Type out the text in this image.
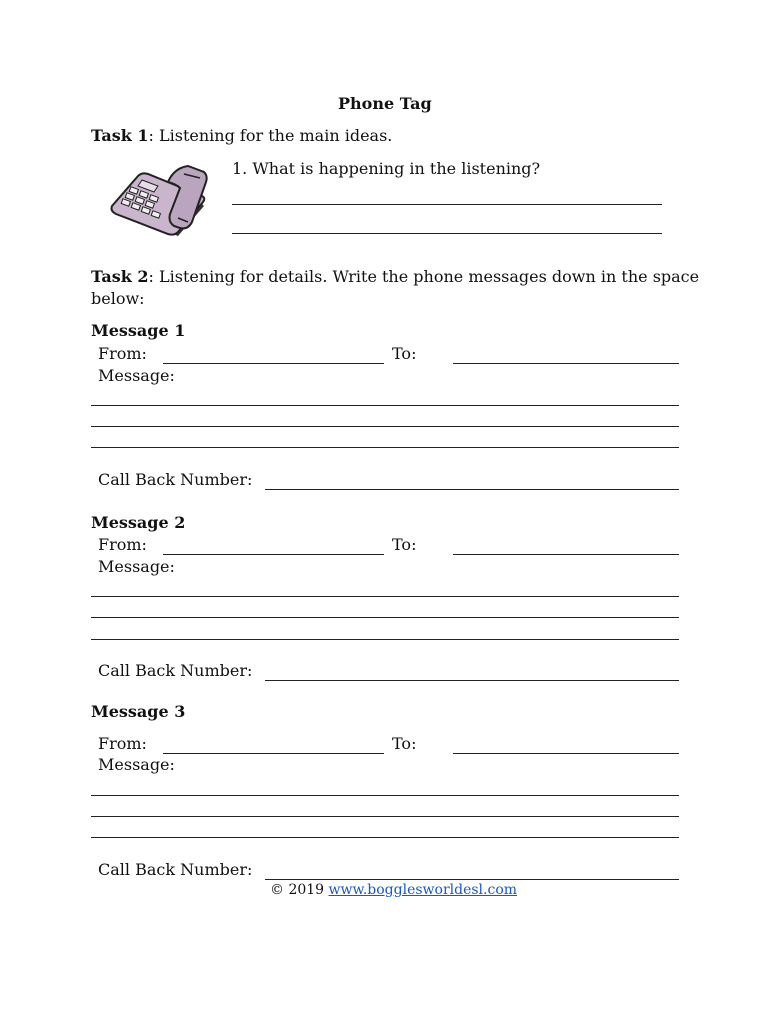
Phone Tag
Task 1: Listening for the main ideas.
1. What is happening in the listening?
Task 2: Listening for details. Write the phone messages down in the space
below:
Message 1
From:	To:
Message:
Call Back Number:
Message 2
From:	To:
Message:
Call Back Number:
Message 3
From:	To:
Message:
Call Back Number:
© 2019 www.bogglesworldesl.com
